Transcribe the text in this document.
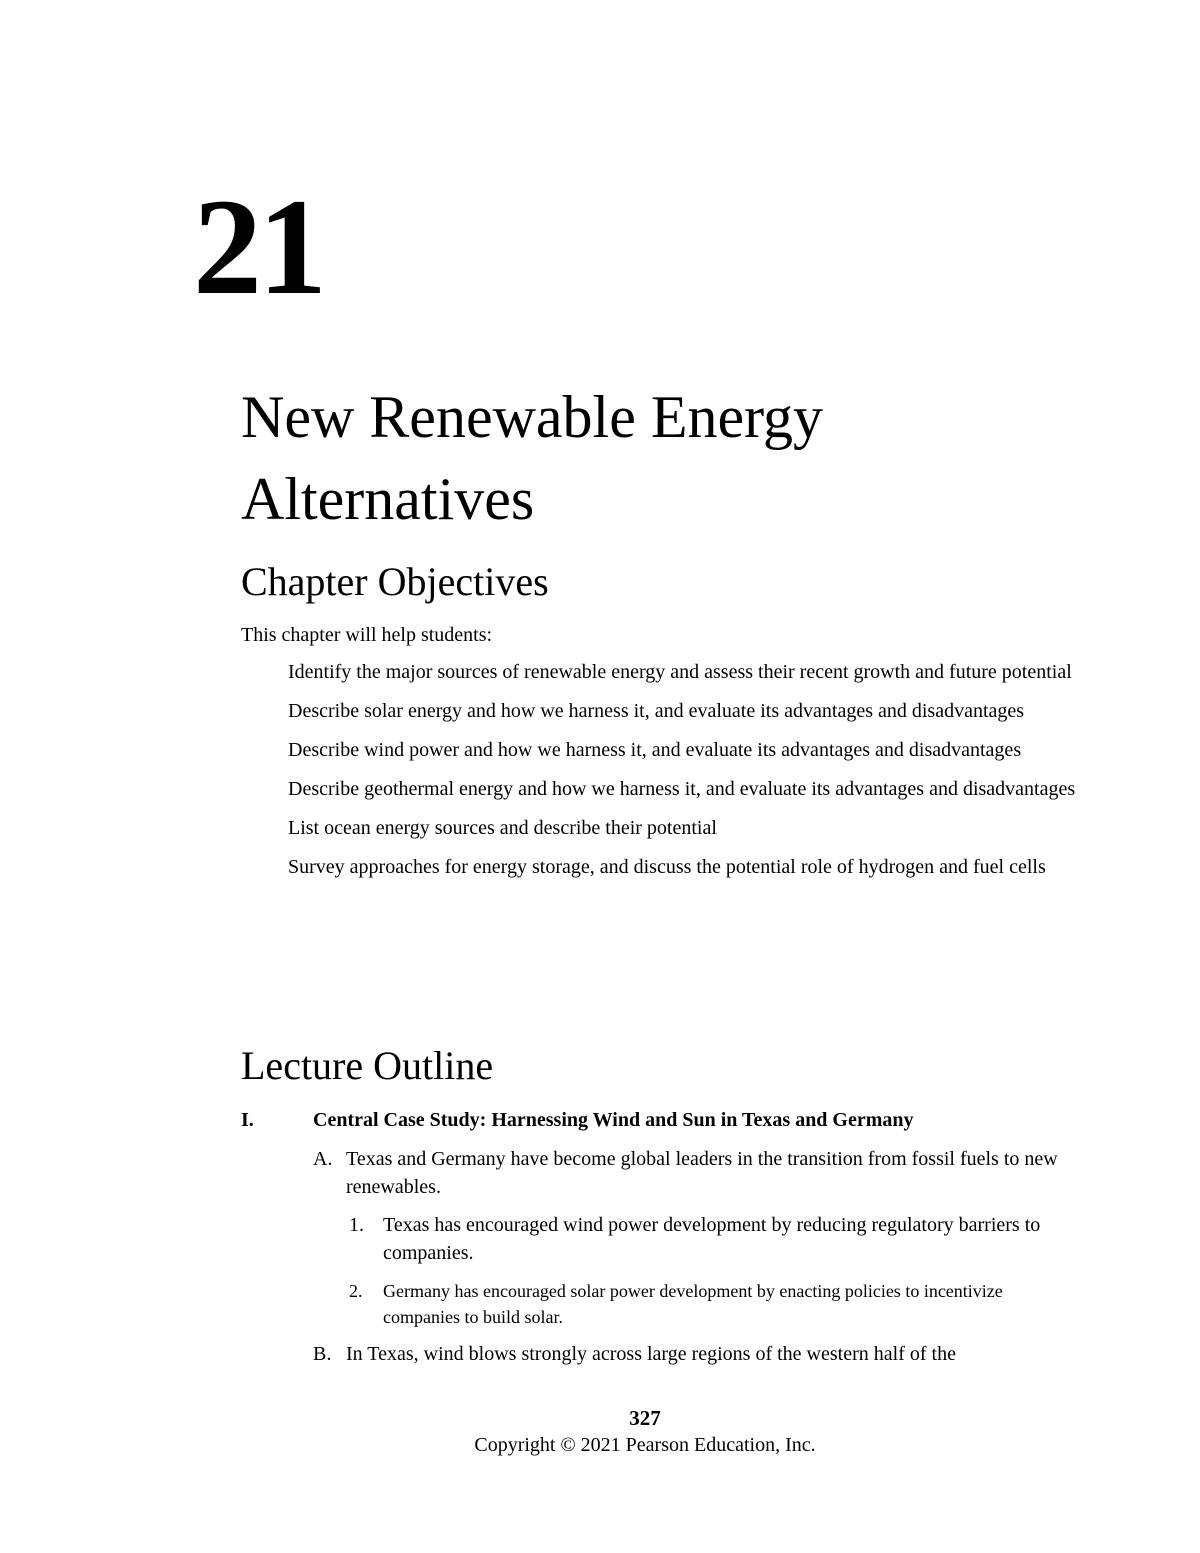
21
New Renewable Energy Alternatives
Chapter Objectives
This chapter will help students:
Identify the major sources of renewable energy and assess their recent growth and future potential
Describe solar energy and how we harness it, and evaluate its advantages and disadvantages
Describe wind power and how we harness it, and evaluate its advantages and disadvantages
Describe geothermal energy and how we harness it, and evaluate its advantages and disadvantages
List ocean energy sources and describe their potential
Survey approaches for energy storage, and discuss the potential role of hydrogen and fuel cells
Lecture Outline
I.	Central Case Study: Harnessing Wind and Sun in Texas and Germany
A. Texas and Germany have become global leaders in the transition from fossil fuels to new renewables.
1. Texas has encouraged wind power development by reducing regulatory barriers to companies.
2. Germany has encouraged solar power development by enacting policies to incentivize companies to build solar.
B. In Texas, wind blows strongly across large regions of the western half of the
327
Copyright © 2021 Pearson Education, Inc.
